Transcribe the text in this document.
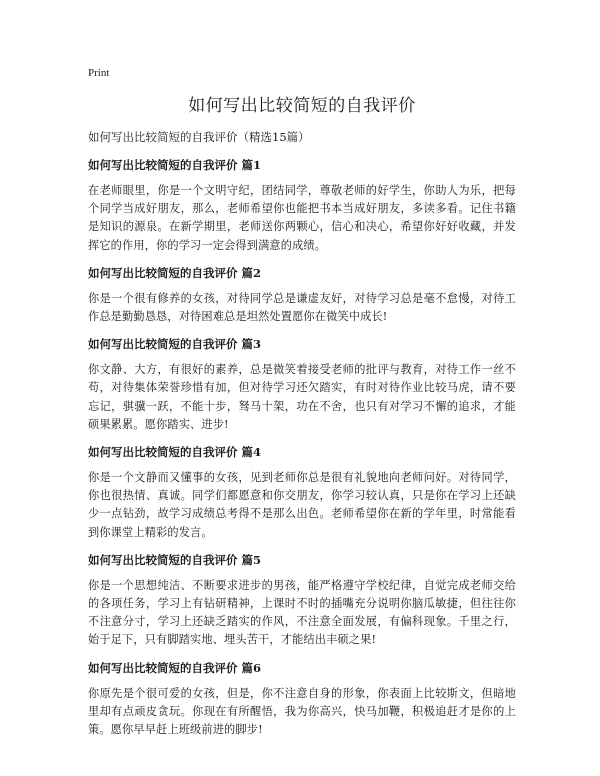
Print
如何写出比较简短的自我评价

如何写出比较简短的自我评价（精选15篇）

如何写出比较简短的自我评价 篇1

在老师眼里，你是一个文明守纪，团结同学，尊敬老师的好学生，你助人为乐，把每个同学当成好朋友，那么，老师希望你也能把书本当成好朋友，多读多看。记住书籍是知识的源泉。在新学期里，老师送你两颗心，信心和决心，希望你好好收藏，并发挥它的作用，你的学习一定会得到满意的成绩。

如何写出比较简短的自我评价 篇2

你是一个很有修养的女孩，对待同学总是谦虚友好，对待学习总是毫不怠慢，对待工作总是勤勤恳恳，对待困难总是坦然处置愿你在微笑中成长!

如何写出比较简短的自我评价 篇3

你文静、大方，有很好的素养，总是微笑着接受老师的批评与教育，对待工作一丝不苟，对待集体荣誉珍惜有加，但对待学习还欠踏实，有时对待作业比较马虎，请不要忘记，骐骥一跃，不能十步，驽马十架，功在不舍，也只有对学习不懈的追求，才能硕果累累。愿你踏实、进步!

如何写出比较简短的自我评价 篇4

你是一个文静而又懂事的女孩，见到老师你总是很有礼貌地向老师问好。对待同学，你也很热情、真诚。同学们都愿意和你交朋友，你学习较认真，只是你在学习上还缺少一点钻劲，故学习成绩总考得不是那么出色。老师希望你在新的学年里，时常能看到你课堂上精彩的发言。

如何写出比较简短的自我评价 篇5

你是一个思想纯洁、不断要求进步的男孩，能严格遵守学校纪律，自觉完成老师交给的各项任务，学习上有钻研精神，上课时不时的插嘴充分说明你脑瓜敏捷，但往往你不注意分寸，学习上还缺乏踏实的作风，不注意全面发展，有偏科现象。千里之行，始于足下，只有脚踏实地、埋头苦干，才能结出丰硕之果!

如何写出比较简短的自我评价 篇6

你原先是个很可爱的女孩，但是，你不注意自身的形象，你表面上比较斯文，但暗地里却有点顽皮贪玩。你现在有所醒悟，我为你高兴，快马加鞭，积极追赶才是你的上策。愿你早早赶上班级前进的脚步!
